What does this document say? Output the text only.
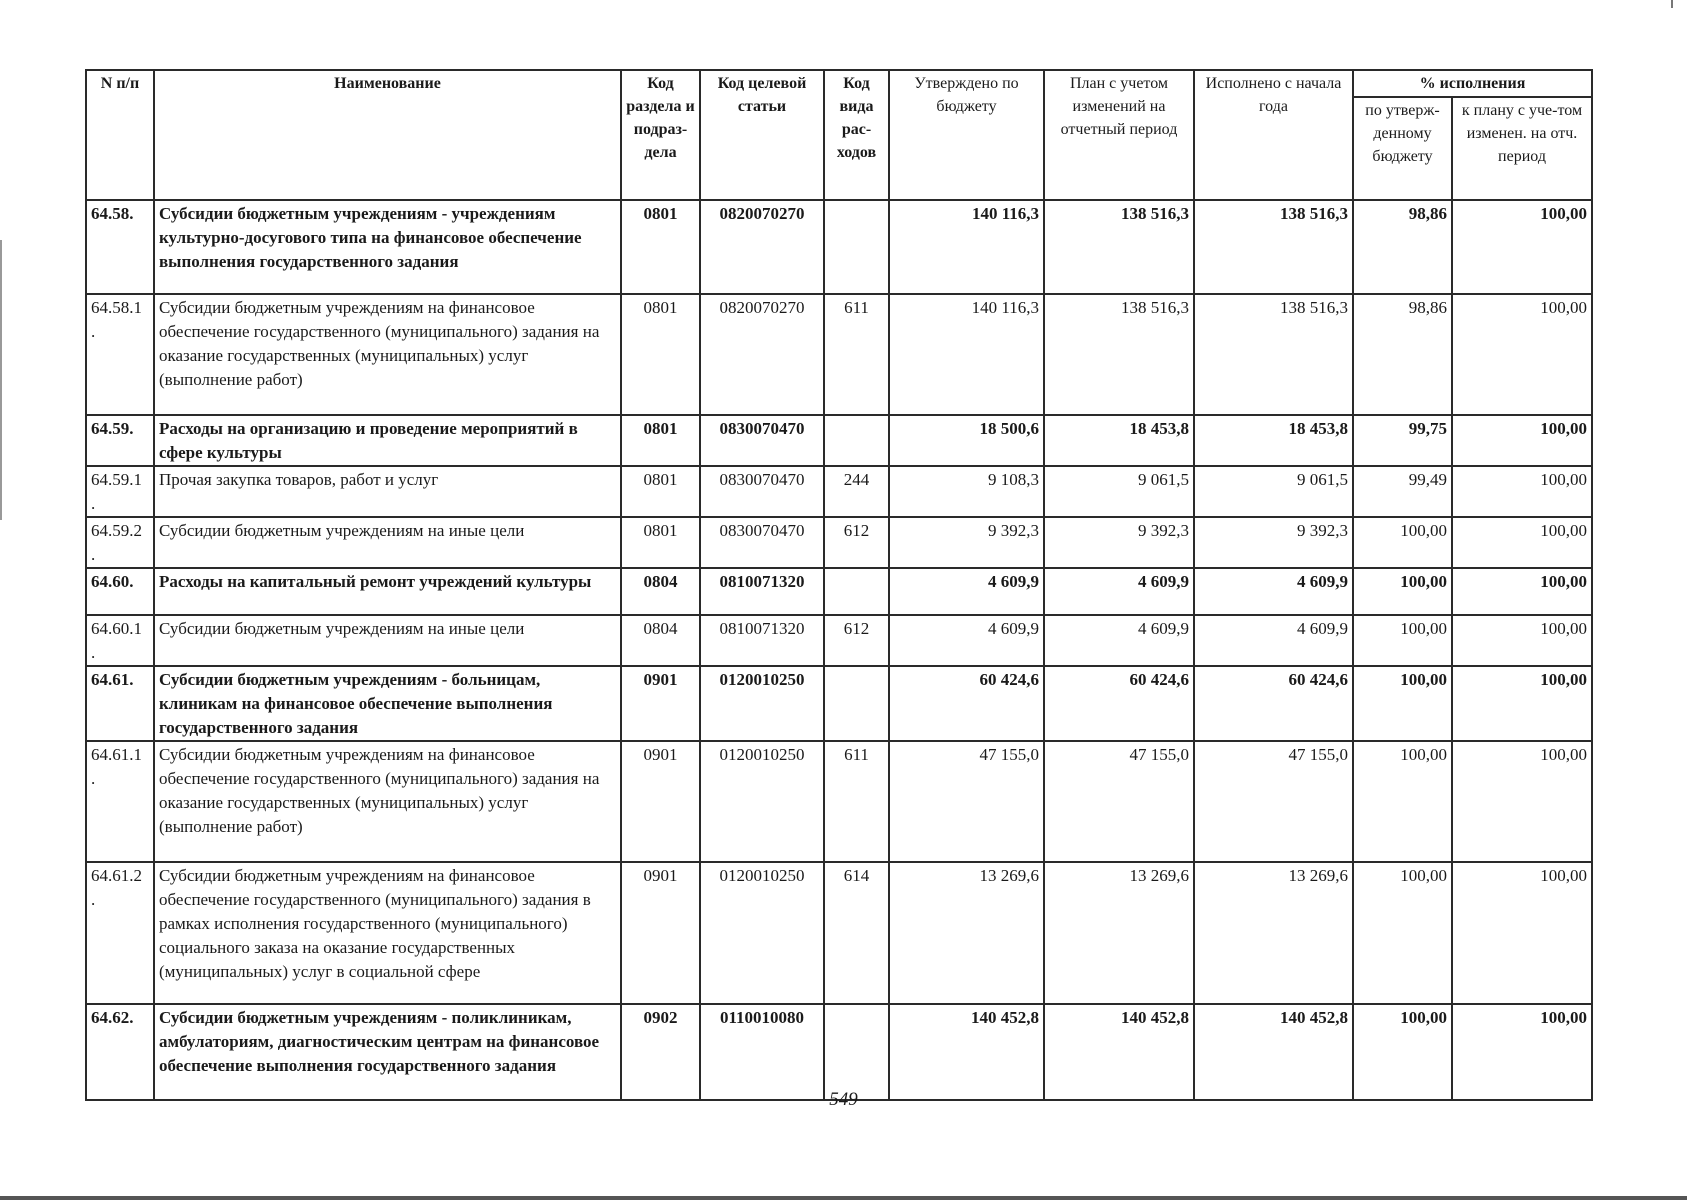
N п/п	Наименование	Код раздела и подраз-дела	Код целевой статьи	Код вида рас-ходов	Утверждено по бюджету	План с учетом изменений на отчетный период	Исполнено с начала года	% исполнения	
								по утверж-денному бюджету	к плану с уче-том изменен. на отч. период
64.58.	Субсидии бюджетным учреждениям - учреждениям культурно-досугового типа на финансовое обеспечение выполнения государственного задания	0801	0820070270		140 116,3	138 516,3	138 516,3	98,86	100,00
64.58.1 .	Субсидии бюджетным учреждениям на финансовое обеспечение государственного (муниципального) задания на оказание государственных (муниципальных) услуг (выполнение работ)	0801	0820070270	611	140 116,3	138 516,3	138 516,3	98,86	100,00
64.59.	Расходы на организацию и проведение мероприятий в сфере культуры	0801	0830070470		18 500,6	18 453,8	18 453,8	99,75	100,00
64.59.1 .	Прочая закупка товаров, работ и услуг	0801	0830070470	244	9 108,3	9 061,5	9 061,5	99,49	100,00
64.59.2 .	Субсидии бюджетным учреждениям на иные цели	0801	0830070470	612	9 392,3	9 392,3	9 392,3	100,00	100,00
64.60.	Расходы на капитальный ремонт учреждений культуры	0804	0810071320		4 609,9	4 609,9	4 609,9	100,00	100,00
64.60.1 .	Субсидии бюджетным учреждениям на иные цели	0804	0810071320	612	4 609,9	4 609,9	4 609,9	100,00	100,00
64.61.	Субсидии бюджетным учреждениям - больницам, клиникам на финансовое обеспечение выполнения государственного задания	0901	0120010250		60 424,6	60 424,6	60 424,6	100,00	100,00
64.61.1 .	Субсидии бюджетным учреждениям на финансовое обеспечение государственного (муниципального) задания на оказание государственных (муниципальных) услуг (выполнение работ)	0901	0120010250	611	47 155,0	47 155,0	47 155,0	100,00	100,00
64.61.2 .	Субсидии бюджетным учреждениям на финансовое обеспечение государственного (муниципального) задания в рамках исполнения государственного (муниципального) социального заказа на оказание государственных (муниципальных) услуг в социальной сфере	0901	0120010250	614	13 269,6	13 269,6	13 269,6	100,00	100,00
64.62.	Субсидии бюджетным учреждениям - поликлиникам, амбулаториям, диагностическим центрам на финансовое обеспечение выполнения государственного задания	0902	0110010080		140 452,8	140 452,8	140 452,8	100,00	100,00
549
